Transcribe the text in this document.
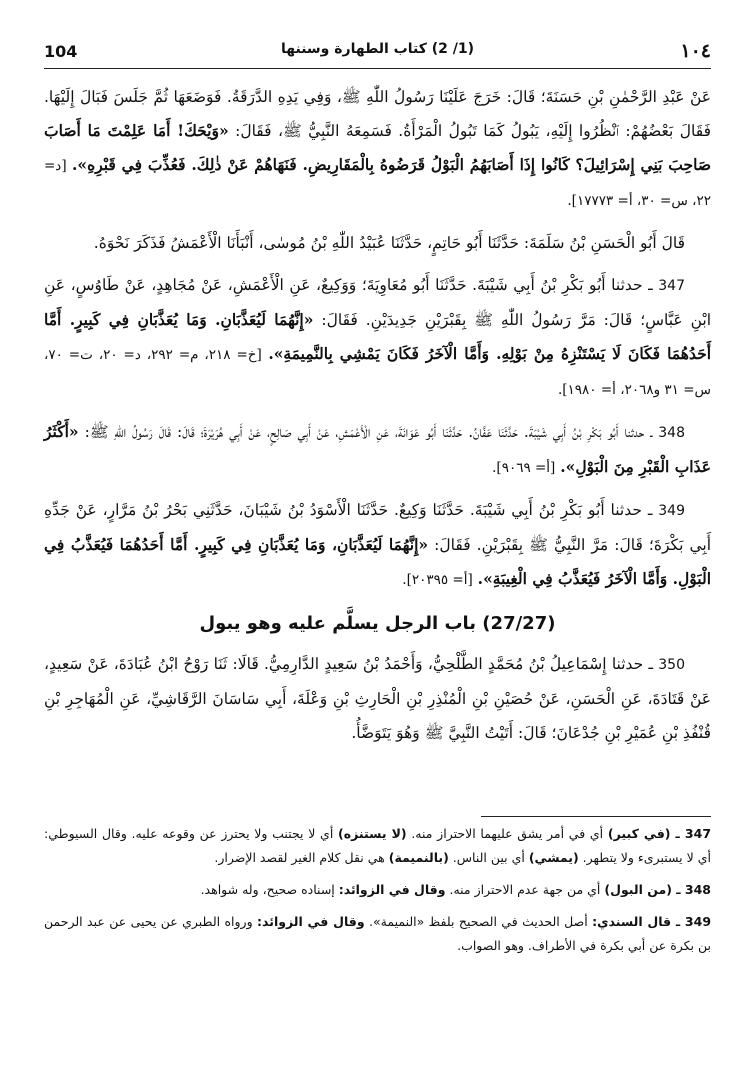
104	(1/ 2) كتاب الطهارة وسننها	١٠٤

عَنْ عَبْدِ الرَّحْمٰنِ بْنِ حَسَنَةَ؛ قَالَ: خَرَجَ عَلَيْنَا رَسُولُ اللّٰهِ ﷺ، وَفِي يَدِهِ الدَّرَقَةُ. فَوَضَعَهَا ثُمَّ جَلَسَ فَبَالَ إِلَيْهَا. فَقَالَ بَعْضُهُمْ: ٱنْظُرُوا إِلَيْهِ، يَبُولُ كَمَا تَبُولُ الْمَرْأَةُ. فَسَمِعَهُ النَّبِيُّ ﷺ، فَقَالَ: «وَيْحَكَ! أَمَا عَلِمْتَ مَا أَصَابَ صَاحِبَ بَنِي إِسْرَائِيلَ؟ كَانُوا إِذَا أَصَابَهُمُ الْبَوْلُ قَرَضُوهُ بِالْمَقَارِيضِ. فَنَهَاهُمْ عَنْ ذٰلِكَ. فَعُذِّبَ فِي قَبْرِهِ». [د= ٢٢، س= ٣٠، أ= ١٧٧٧٣].

قَالَ أَبُو الْحَسَنِ بْنُ سَلَمَةَ: حَدَّثَنَا أَبُو حَاتِمٍ، حَدَّثَنَا عُبَيْدُ اللّٰهِ بْنُ مُوسٰى، أَنْبَأَنَا الْأَعْمَشُ فَذَكَرَ نَحْوَهُ.

347 ـ حدثنا أَبُو بَكْرِ بْنُ أَبِي شَيْبَةَ. حَدَّثَنَا أَبُو مُعَاوِيَةَ؛ وَوَكِيعٌ، عَنِ الْأَعْمَشِ، عَنْ مُجَاهِدٍ، عَنْ طَاوُسٍ، عَنِ ابْنِ عَبَّاسٍ؛ قَالَ: مَرَّ رَسُولُ اللّٰهِ ﷺ بِقَبْرَيْنِ جَدِيدَيْنِ. فَقَالَ: «إِنَّهُمَا لَيُعَذَّبَانِ. وَمَا يُعَذَّبَانِ فِي كَبِيرٍ. أَمَّا أَحَدُهُمَا فَكَانَ لَا يَسْتَنْزِهُ مِنْ بَوْلِهِ. وَأَمَّا الْآخَرُ فَكَانَ يَمْشِي بِالنَّمِيمَةِ». [خ= ٢١٨، م= ٢٩٢، د= ٢٠، ت= ٧٠، س= ٣١ و٢٠٦٨، أ= ١٩٨٠].

348 ـ حدثنا أَبُو بَكْرِ بْنُ أَبِي شَيْبَةَ. حَدَّثَنَا عَفَّانُ. حَدَّثَنَا أَبُو عَوَانَةَ، عَنِ الْأَعْمَشِ، عَنْ أَبِي صَالِحٍ، عَنْ أَبِي هُرَيْرَةَ؛ قَالَ: قَالَ رَسُولُ اللّٰهِ ﷺ: «أَكْثَرُ عَذَابِ الْقَبْرِ مِنَ الْبَوْلِ». [أ= ٩٠٦٩].

349 ـ حدثنا أَبُو بَكْرِ بْنُ أَبِي شَيْبَةَ. حَدَّثَنَا وَكِيعٌ. حَدَّثَنَا الْأَسْوَدُ بْنُ شَيْبَانَ، حَدَّثَنِي بَحْرُ بْنُ مَرَّارٍ، عَنْ جَدِّهِ أَبِي بَكْرَةَ؛ قَالَ: مَرَّ النَّبِيُّ ﷺ بِقَبْرَيْنِ. فَقَالَ: «إِنَّهُمَا لَيُعَذَّبَانِ، وَمَا يُعَذَّبَانِ فِي كَبِيرٍ. أَمَّا أَحَدُهُمَا فَيُعَذَّبُ فِي الْبَوْلِ. وَأَمَّا الْآخَرُ فَيُعَذَّبُ فِي الْغِيبَةِ». [أ= ٢٠٣٩٥].

(27/27) باب الرجل يسلَّم عليه وهو يبول

350 ـ حدثنا إِسْمَاعِيلُ بْنُ مُحَمَّدٍ الطَّلْحِيُّ، وَأَحْمَدُ بْنُ سَعِيدٍ الدَّارِمِيُّ. قَالَا: ثَنَا رَوْحُ ابْنُ عُبَادَةَ، عَنْ سَعِيدٍ، عَنْ قَتَادَةَ، عَنِ الْحَسَنِ، عَنْ حُصَيْنِ بْنِ الْمُنْذِرِ بْنِ الْحَارِثِ بْنِ وَعْلَةَ، أَبِي سَاسَانَ الرَّقَاشِيِّ، عَنِ الْمُهَاجِرِ بْنِ قُنْفُذِ بْنِ عُمَيْرِ بْنِ جُدْعَانَ؛ قَالَ: أَتَيْتُ النَّبِيَّ ﷺ وَهُوَ يَتَوَضَّأُ.

347 ـ (في كبير) أي في أمر يشق عليهما الاحتراز منه. (لا يستنزه) أي لا يجتنب ولا يحترز عن وقوعه عليه. وقال السيوطي: أي لا يستبرىء ولا يتطهر. (يمشي) أي بين الناس. (بالنميمة) هي نقل كلام الغير لقصد الإضرار.

348 ـ (من البول) أي من جهة عدم الاحتراز منه. وقال في الزوائد: إسناده صحيح، وله شواهد.

349 ـ قال السندي: أصل الحديث في الصحيح بلفظ «النميمة». وقال في الزوائد: ورواه الطبري عن يحيى عن عبد الرحمن بن بكرة عن أبي بكرة في الأطراف. وهو الصواب.
